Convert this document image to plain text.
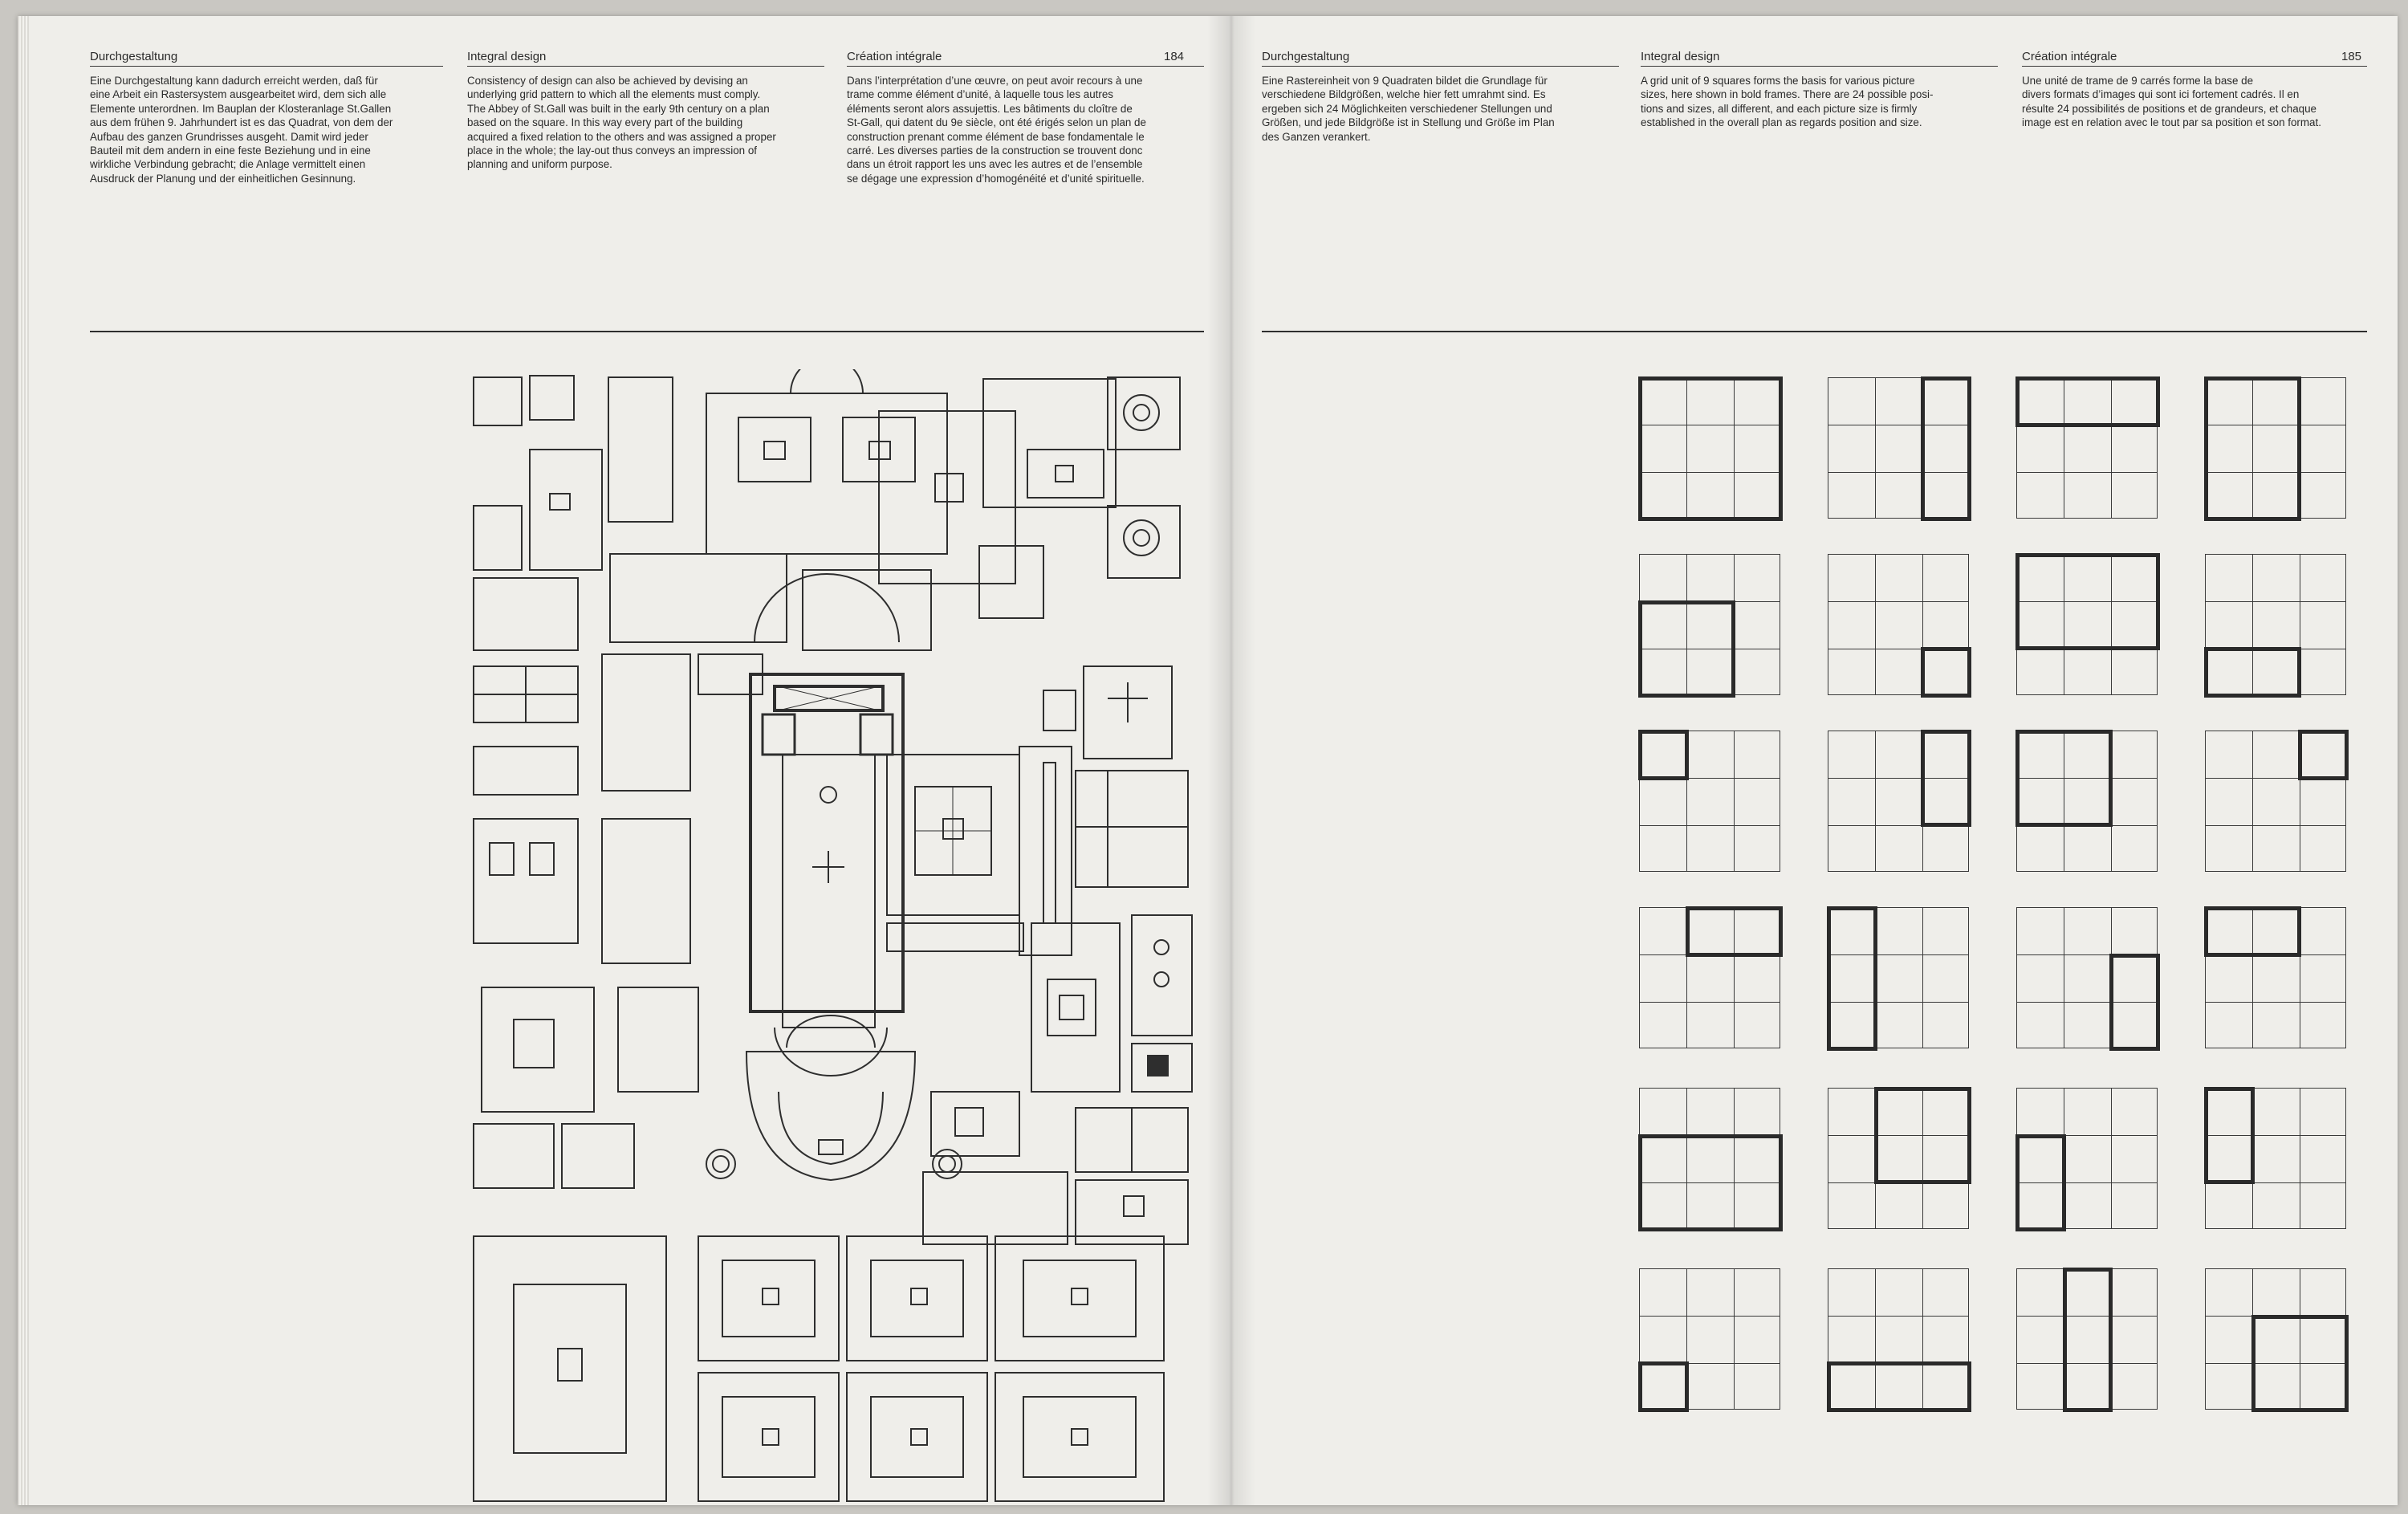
Durchgestaltung	Integral design	Création intégrale	184
Eine Durchgestaltung kann dadurch erreicht werden, daß für
eine Arbeit ein Rastersystem ausgearbeitet wird, dem sich alle
Elemente unterordnen. Im Bauplan der Klosteranlage St.Gallen
aus dem frühen 9. Jahrhundert ist es das Quadrat, von dem der
Aufbau des ganzen Grundrisses ausgeht. Damit wird jeder
Bauteil mit dem andern in eine feste Beziehung und in eine
wirkliche Verbindung gebracht; die Anlage vermittelt einen
Ausdruck der Planung und der einheitlichen Gesinnung.
Consistency of design can also be achieved by devising an
underlying grid pattern to which all the elements must comply.
The Abbey of St.Gall was built in the early 9th century on a plan
based on the square. In this way every part of the building
acquired a fixed relation to the others and was assigned a proper
place in the whole; the lay-out thus conveys an impression of
planning and uniform purpose.
Dans l’interprétation d’une œuvre, on peut avoir recours à une
trame comme élément d’unité, à laquelle tous les autres
éléments seront alors assujettis. Les bâtiments du cloître de
St-Gall, qui datent du 9e siècle, ont été érigés selon un plan de
construction prenant comme élément de base fondamentale le
carré. Les diverses parties de la construction se trouvent donc
dans un étroit rapport les uns avec les autres et de l’ensemble
se dégage une expression d’homogénéité et d’unité spirituelle.
Durchgestaltung	Integral design	Création intégrale	185
Eine Rastereinheit von 9 Quadraten bildet die Grundlage für
verschiedene Bildgrößen, welche hier fett umrahmt sind. Es
ergeben sich 24 Möglichkeiten verschiedener Stellungen und
Größen, und jede Bildgröße ist in Stellung und Größe im Plan
des Ganzen verankert.
A grid unit of 9 squares forms the basis for various picture
sizes, here shown in bold frames. There are 24 possible posi-
tions and sizes, all different, and each picture size is firmly
established in the overall plan as regards position and size.
Une unité de trame de 9 carrés forme la base de
divers formats d’images qui sont ici fortement cadrés. Il en
résulte 24 possibilités de positions et de grandeurs, et chaque
image est en relation avec le tout par sa position et son format.
